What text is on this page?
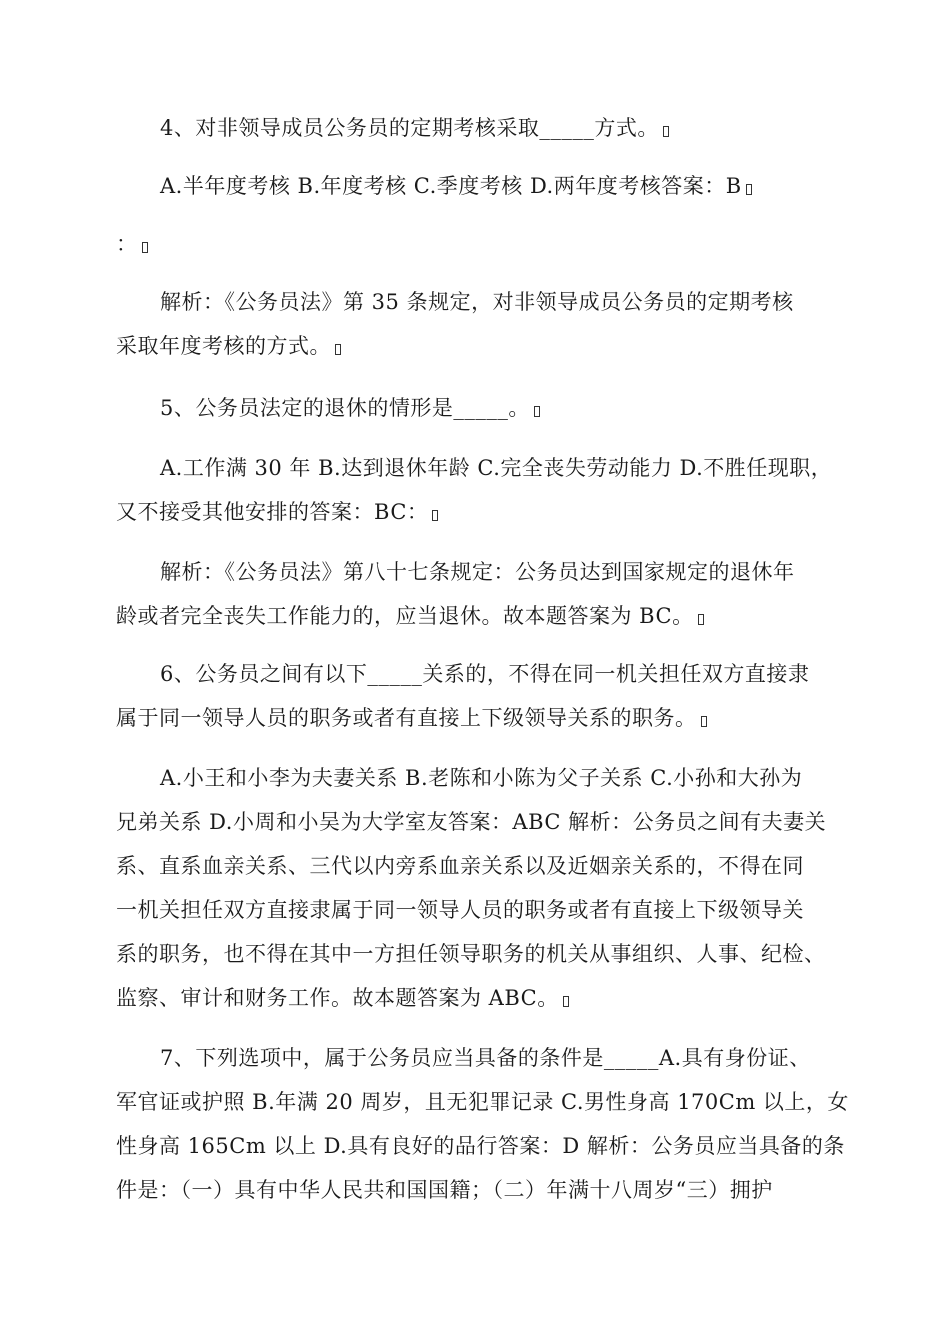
4、对非领导成员公务员的定期考核采取_____方式。
A.半年度考核 B.年度考核 C.季度考核 D.两年度考核答案：B
：
解析：《公务员法》第 35 条规定，对非领导成员公务员的定期考核
采取年度考核的方式。
5、公务员法定的退休的情形是_____。
A.工作满 30 年 B.达到退休年龄 C.完全丧失劳动能力 D.不胜任现职，
又不接受其他安排的答案：BC：
解析：《公务员法》第八十七条规定：公务员达到国家规定的退休年
龄或者完全丧失工作能力的，应当退休。故本题答案为 BC。
6、公务员之间有以下_____关系的，不得在同一机关担任双方直接隶
属于同一领导人员的职务或者有直接上下级领导关系的职务。
A.小王和小李为夫妻关系 B.老陈和小陈为父子关系 C.小孙和大孙为
兄弟关系 D.小周和小吴为大学室友答案：ABC 解析：公务员之间有夫妻关
系、直系血亲关系、三代以内旁系血亲关系以及近姻亲关系的，不得在同
一机关担任双方直接隶属于同一领导人员的职务或者有直接上下级领导关
系的职务，也不得在其中一方担任领导职务的机关从事组织、人事、纪检、
监察、审计和财务工作。故本题答案为 ABC。
7、下列选项中，属于公务员应当具备的条件是_____A.具有身份证、
军官证或护照 B.年满 20 周岁，且无犯罪记录 C.男性身高 170Cm 以上，女
性身高 165Cm 以上 D.具有良好的品行答案：D 解析：公务员应当具备的条
件是：（一）具有中华人民共和国国籍；（二）年满十八周岁“三）拥护
